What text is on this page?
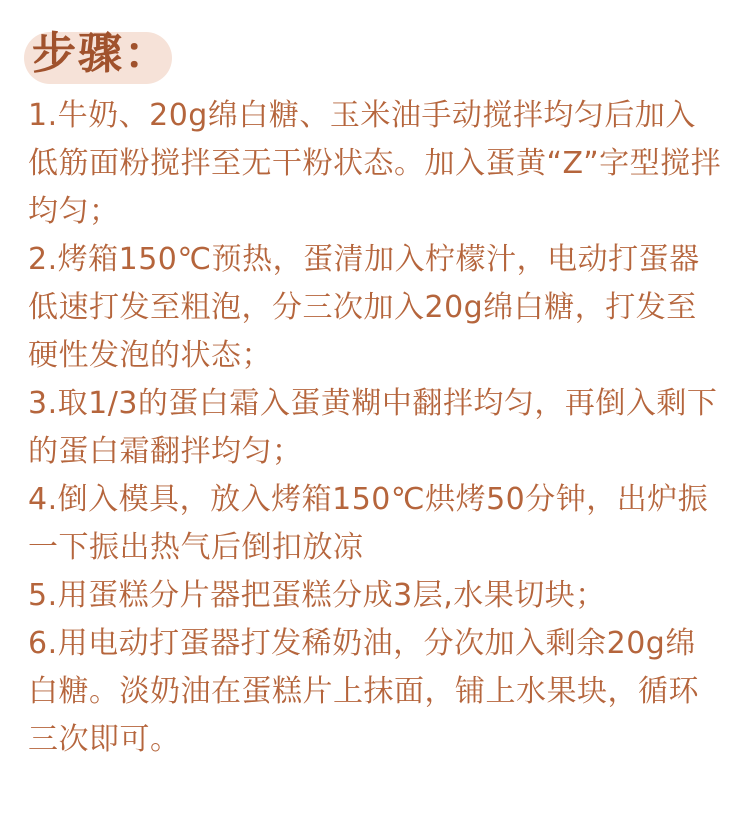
步骤：
1.牛奶、20g绵白糖、玉米油手动搅拌均匀后加入低筋面粉搅拌至无干粉状态。加入蛋黄“Z”字型搅拌均匀；
2.烤箱150℃预热，蛋清加入柠檬汁，电动打蛋器低速打发至粗泡，分三次加入20g绵白糖，打发至硬性发泡的状态；
3.取1/3的蛋白霜入蛋黄糊中翻拌均匀，再倒入剩下的蛋白霜翻拌均匀；
4.倒入模具，放入烤箱150℃烘烤50分钟，出炉振一下振出热气后倒扣放凉
5.用蛋糕分片器把蛋糕分成3层,水果切块；
6.用电动打蛋器打发稀奶油，分次加入剩余20g绵白糖。淡奶油在蛋糕片上抹面，铺上水果块，循环三次即可。
